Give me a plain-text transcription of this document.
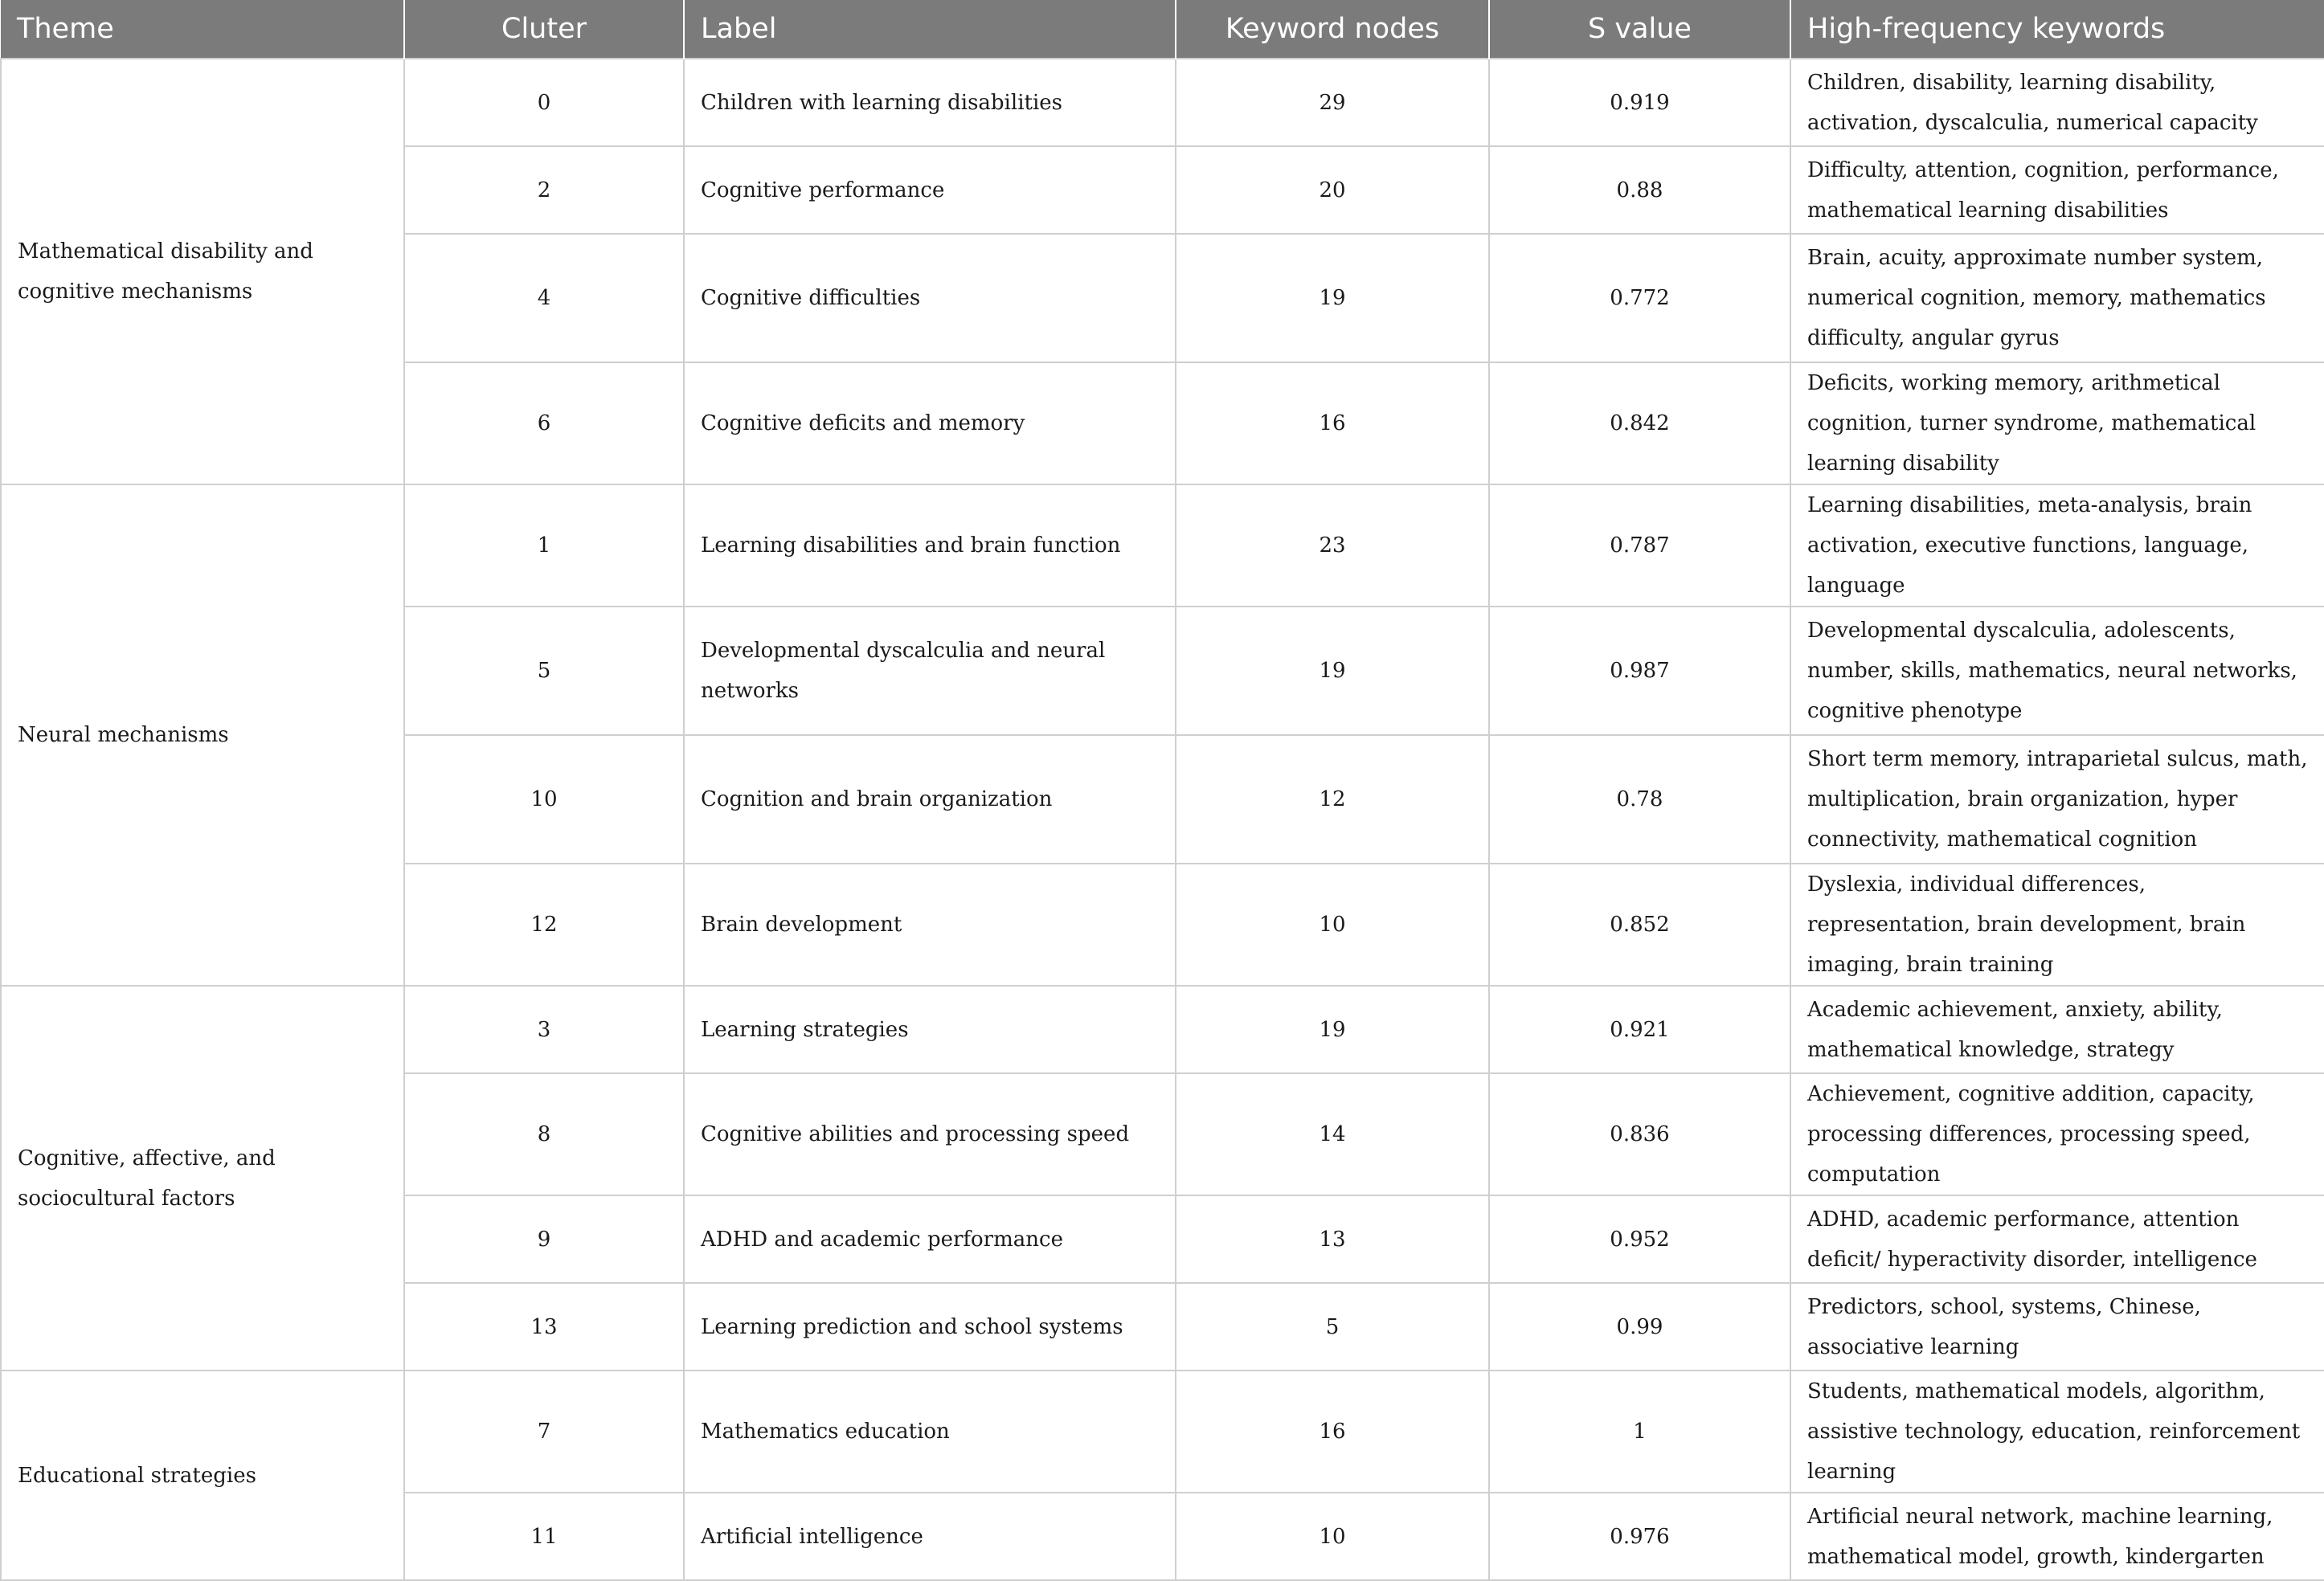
Theme	Cluter	Label	Keyword nodes	S value	High-frequency keywords
Mathematical disability and cognitive mechanisms	0	Children with learning disabilities	29	0.919	Children, disability, learning disability, activation, dyscalculia, numerical capacity
	2	Cognitive performance	20	0.88	Difficulty, attention, cognition, performance, mathematical learning disabilities
	4	Cognitive difficulties	19	0.772	Brain, acuity, approximate number system, numerical cognition, memory, mathematics difficulty, angular gyrus
	6	Cognitive deficits and memory	16	0.842	Deficits, working memory, arithmetical cognition, turner syndrome, mathematical learning disability
Neural mechanisms	1	Learning disabilities and brain function	23	0.787	Learning disabilities, meta-analysis, brain activation, executive functions, language, language
	5	Developmental dyscalculia and neural networks	19	0.987	Developmental dyscalculia, adolescents, number, skills, mathematics, neural networks, cognitive phenotype
	10	Cognition and brain organization	12	0.78	Short term memory, intraparietal sulcus, math, multiplication, brain organization, hyper connectivity, mathematical cognition
	12	Brain development	10	0.852	Dyslexia, individual differences, representation, brain development, brain imaging, brain training
Cognitive, affective, and sociocultural factors	3	Learning strategies	19	0.921	Academic achievement, anxiety, ability, mathematical knowledge, strategy
	8	Cognitive abilities and processing speed	14	0.836	Achievement, cognitive addition, capacity, processing differences, processing speed, computation
	9	ADHD and academic performance	13	0.952	ADHD, academic performance, attention deficit/ hyperactivity disorder, intelligence
	13	Learning prediction and school systems	5	0.99	Predictors, school, systems, Chinese, associative learning
Educational strategies	7	Mathematics education	16	1	Students, mathematical models, algorithm, assistive technology, education, reinforcement learning
	11	Artificial intelligence	10	0.976	Artificial neural network, machine learning, mathematical model, growth, kindergarten
